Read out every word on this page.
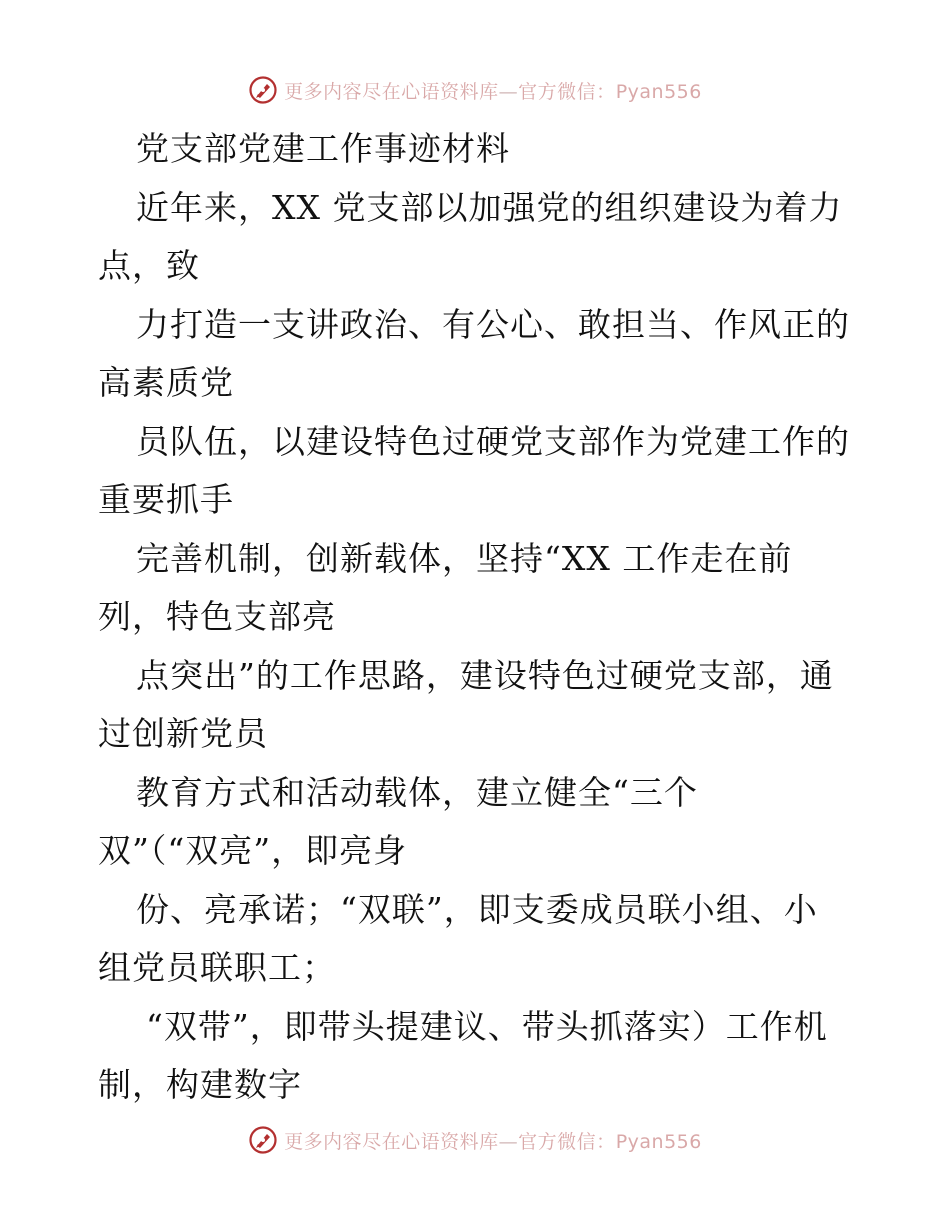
更多内容尽在心语资料库—官方微信：Pyan556
党支部党建工作事迹材料
近年来，XX 党支部以加强党的组织建设为着力
点，致
力打造一支讲政治、有公心、敢担当、作风正的
高素质党
员队伍，以建设特色过硬党支部作为党建工作的
重要抓手
完善机制，创新载体，坚持“XX 工作走在前
列，特色支部亮
点突出”的工作思路，建设特色过硬党支部，通
过创新党员
教育方式和活动载体，建立健全“三个
双”（“双亮”，即亮身
份、亮承诺；“双联”，即支委成员联小组、小
组党员联职工；
“双带”，即带头提建议、带头抓落实）工作机
制，构建数字
更多内容尽在心语资料库—官方微信：Pyan556
